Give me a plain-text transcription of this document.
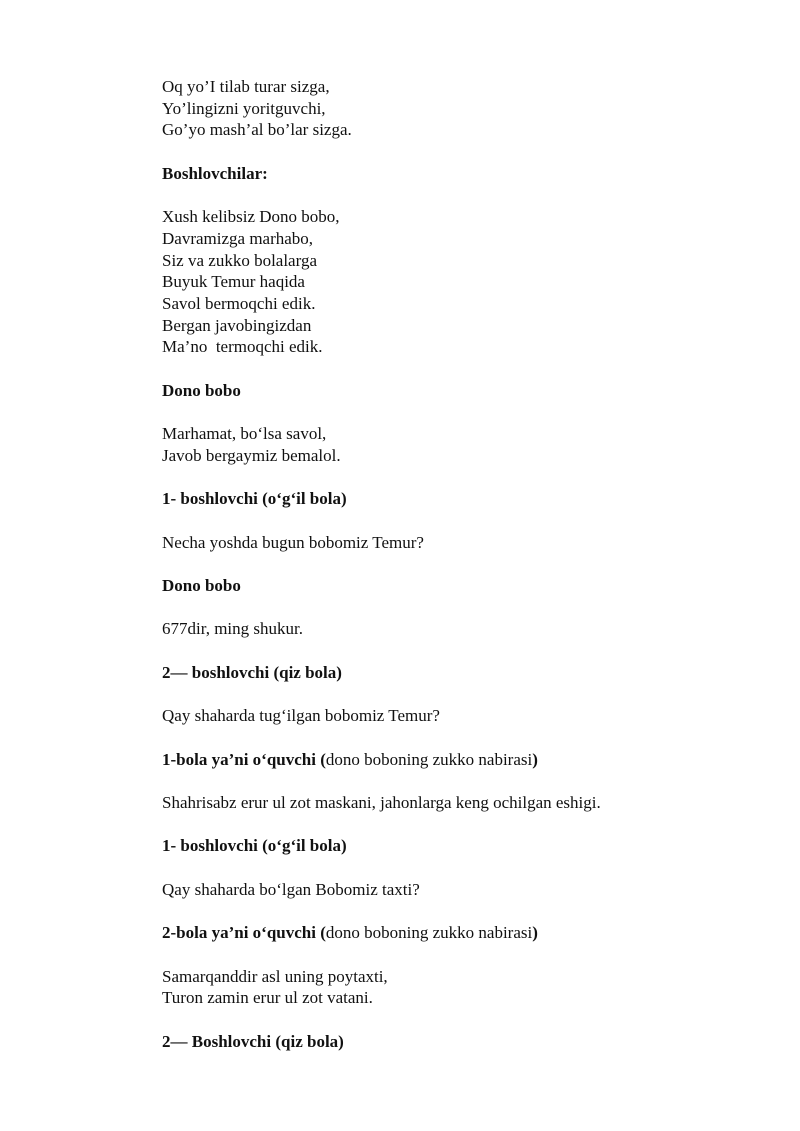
Oq yo’I tilab turar sizga,
Yo’lingizni yoritguvchi,
Go’yo mash’al bo’lar sizga.
Boshlovchilar:
Xush kelibsiz Dono bobo,
Davramizga marhabo,
Siz va zukko bolalarga
Buyuk Temur haqida
Savol bermoqchi edik.
Bergan javobingizdan
Ma’no  termoqchi edik.
Dono bobo
Marhamat, bo‘lsa savol,
Javob bergaymiz bemalol.
1- boshlovchi (o‘g‘il bola)
Necha yoshda bugun bobomiz Temur?
Dono bobo
677dir, ming shukur.
2— boshlovchi (qiz bola)
Qay shaharda tug‘ilgan bobomiz Temur?
1-bola ya’ni o‘quvchi (dono boboning zukko nabirasi)
Shahrisabz erur ul zot maskani, jahonlarga keng ochilgan eshigi.
1- boshlovchi (o‘g‘il bola)
Qay shaharda bo‘lgan Bobomiz taxti?
2-bola ya’ni o‘quvchi (dono boboning zukko nabirasi)
Samarqanddir asl uning poytaxti,
Turon zamin erur ul zot vatani.
2— Boshlovchi (qiz bola)
